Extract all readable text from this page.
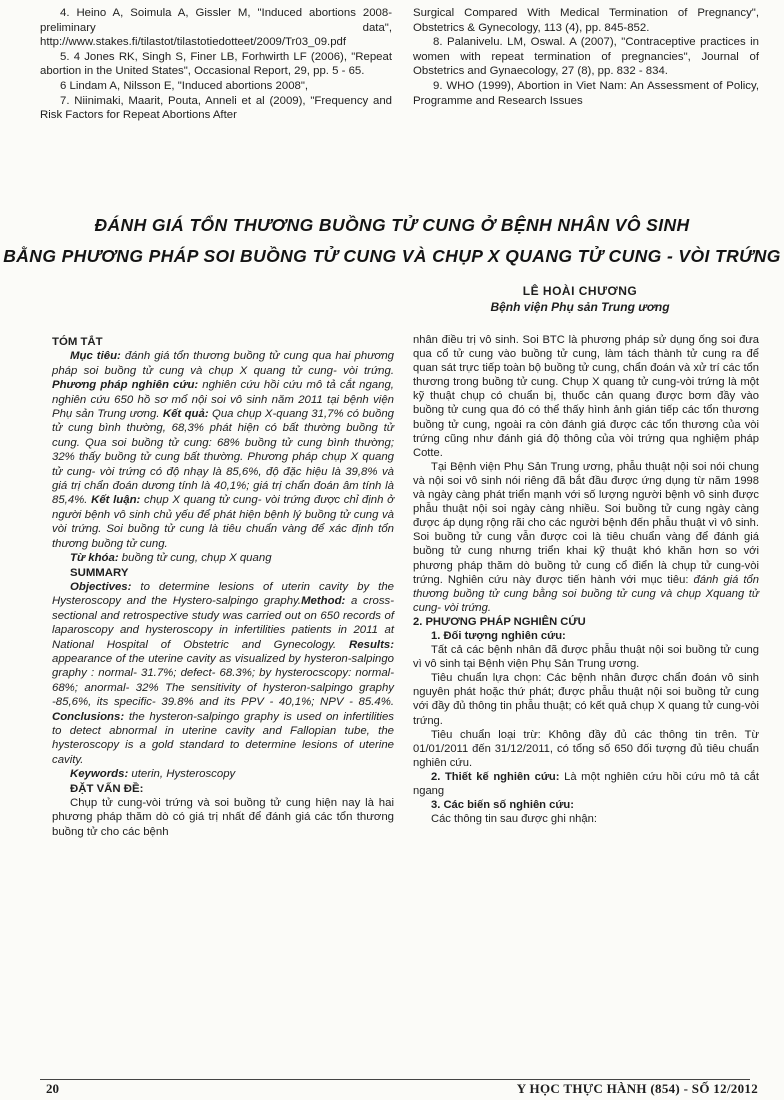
4. Heino A, Soimula A, Gissler M, "Induced abortions 2008- preliminary data", http://www.stakes.fi/tilastot/tilastotiedotteet/2009/Tr03_09.pdf

5. 4 Jones RK, Singh S, Finer LB, Forhwirth LF (2006), "Repeat abortion in the United States", Occasional Report, 29, pp. 5 - 65.

6 Lindam A, Nilsson E, "Induced abortions 2008",

7. Niinimaki, Maarit, Pouta, Anneli et al (2009), "Frequency and Risk Factors for Repeat Abortions After

Surgical Compared With Medical Termination of Pregnancy", Obstetrics & Gynecology, 113 (4), pp. 845-852.

8. Palanivelu. LM, Oswal. A (2007), "Contraceptive practices in women with repeat termination of pregnancies", Journal of Obstetrics and Gynaecology, 27 (8), pp. 832 - 834.

9. WHO (1999), Abortion in Viet Nam: An Assessment of Policy, Programme and Research Issues

ĐÁNH GIÁ TỔN THƯƠNG BUỒNG TỬ CUNG Ở BỆNH NHÂN VÔ SINH
BẰNG PHƯƠNG PHÁP SOI BUỒNG TỬ CUNG VÀ CHỤP X QUANG TỬ CUNG - VÒI TRỨNG
LÊ HOÀI CHƯƠNG
Bệnh viện Phụ sản Trung ương

TÓM TẮT

Mục tiêu: đánh giá tổn thương buồng tử cung qua hai phương pháp soi buồng tử cung và chụp X quang tử cung- vòi trứng. Phương pháp nghiên cứu: nghiên cứu hồi cứu mô tả cắt ngang, nghiên cứu 650 hồ sơ mổ nội soi vô sinh năm 2011 tại bệnh viện Phụ sản Trung ương. Kết quả: Qua chụp X-quang 31,7% có buồng tử cung bình thường, 68,3% phát hiện có bất thường buồng tử cung. Qua soi buồng tử cung: 68% buồng tử cung bình thường; 32% thấy buồng tử cung bất thường. Phương pháp chụp X quang tử cung- vòi trứng có độ nhạy là 85,6%, độ đặc hiệu là 39,8% và giá trị chẩn đoán dương tính là 40,1%; giá trị chẩn đoán âm tính là 85,4%. Kết luận: chụp X quang tử cung- vòi trứng được chỉ định ở người bệnh vô sinh chủ yếu để phát hiện bệnh lý buồng tử cung và vòi trứng. Soi buồng tử cung là tiêu chuẩn vàng để xác định tổn thương buồng tử cung.

Từ khóa: buồng tử cung, chụp X quang

SUMMARY

Objectives: to determine lesions of uterin cavity by the Hysteroscopy and the Hystero-salpingo graphy.Method: a cross-sectional and retrospective study was carried out on 650 records of laparoscopy and hysteroscopy in infertilities patients in 2011 at National Hospital of Obstetric and Gynecology. Results: appearance of the uterine cavity as visualized by hysteron-salpingo graphy : normal- 31.7%; defect- 68.3%; by hysterocscopy: normal- 68%; anormal- 32% The sensitivity of hysteron-salpingo graphy -85,6%, its specific- 39.8% and its PPV - 40,1%; NPV - 85.4%. Conclusions: the hysteron-salpingo graphy is used on infertilities to detect abnormal in uterine cavity and Fallopian tube, the hysteroscopy is a gold standard to determine lesions of uterine cavity.

Keywords: uterin, Hysteroscopy

ĐẶT VẤN ĐỀ:

Chụp tử cung-vòi trứng và soi buồng tử cung hiện nay là hai phương pháp thăm dò có giá trị nhất để đánh giá các tổn thương buồng tử cho các bệnh

nhân điều trị vô sinh. Soi BTC là phương pháp sử dụng ống soi đưa qua cổ tử cung vào buồng tử cung, làm tách thành tử cung ra để quan sát trực tiếp toàn bộ buồng tử cung, chẩn đoán và xử trí các tổn thương trong buồng tử cung. Chụp X quang tử cung-vòi trứng là một kỹ thuật chụp có chuẩn bị, thuốc cản quang được bơm đầy vào buồng tử cung qua đó có thể thấy hình ảnh gián tiếp các tổn thương buồng tử cung, ngoài ra còn đánh giá được các tổn thương của vòi trứng cũng như đánh giá độ thông của vòi trứng qua nghiệm pháp Cotte.

Tại Bệnh viện Phụ Sản Trung ương, phẫu thuật nội soi nói chung và nội soi vô sinh nói riêng đã bắt đầu được ứng dụng từ năm 1998 và ngày càng phát triển mạnh với số lượng người bệnh vô sinh được phẫu thuật nội soi ngày càng nhiều. Soi buồng tử cung ngày càng được áp dụng rộng rãi cho các người bệnh đến phẫu thuật vì vô sinh. Soi buồng tử cung vẫn được coi là tiêu chuẩn vàng để đánh giá buồng tử cung nhưng triển khai kỹ thuật khó khăn hơn so với phương pháp thăm dò buồng tử cung cổ điển là chụp tử cung-vòi trứng. Nghiên cứu này được tiến hành với mục tiêu: đánh giá tổn thương buồng tử cung bằng soi buồng tử cung và chụp Xquang tử cung- vòi trứng.

2. PHƯƠNG PHÁP NGHIÊN CỨU

1. Đối tượng nghiên cứu:

Tất cả các bệnh nhân đã được phẫu thuật nội soi buồng tử cung vì vô sinh tại Bệnh viện Phụ Sản Trung ương.

Tiêu chuẩn lựa chọn: Các bệnh nhân được chẩn đoán vô sinh nguyên phát hoặc thứ phát; được phẫu thuật nội soi buồng tử cung với đầy đủ thông tin phẫu thuật; có kết quả chụp X quang tử cung-vòi trứng.

Tiêu chuẩn loại trừ: Không đầy đủ các thông tin trên. Từ 01/01/2011 đến 31/12/2011, có tổng số 650 đối tượng đủ tiêu chuẩn nghiên cứu.

2. Thiết kế nghiên cứu: Là một nghiên cứu hồi cứu mô tả cắt ngang

3. Các biến số nghiên cứu:

Các thông tin sau được ghi nhận:

20	Y HỌC THỰC HÀNH (854) - SỐ 12/2012
